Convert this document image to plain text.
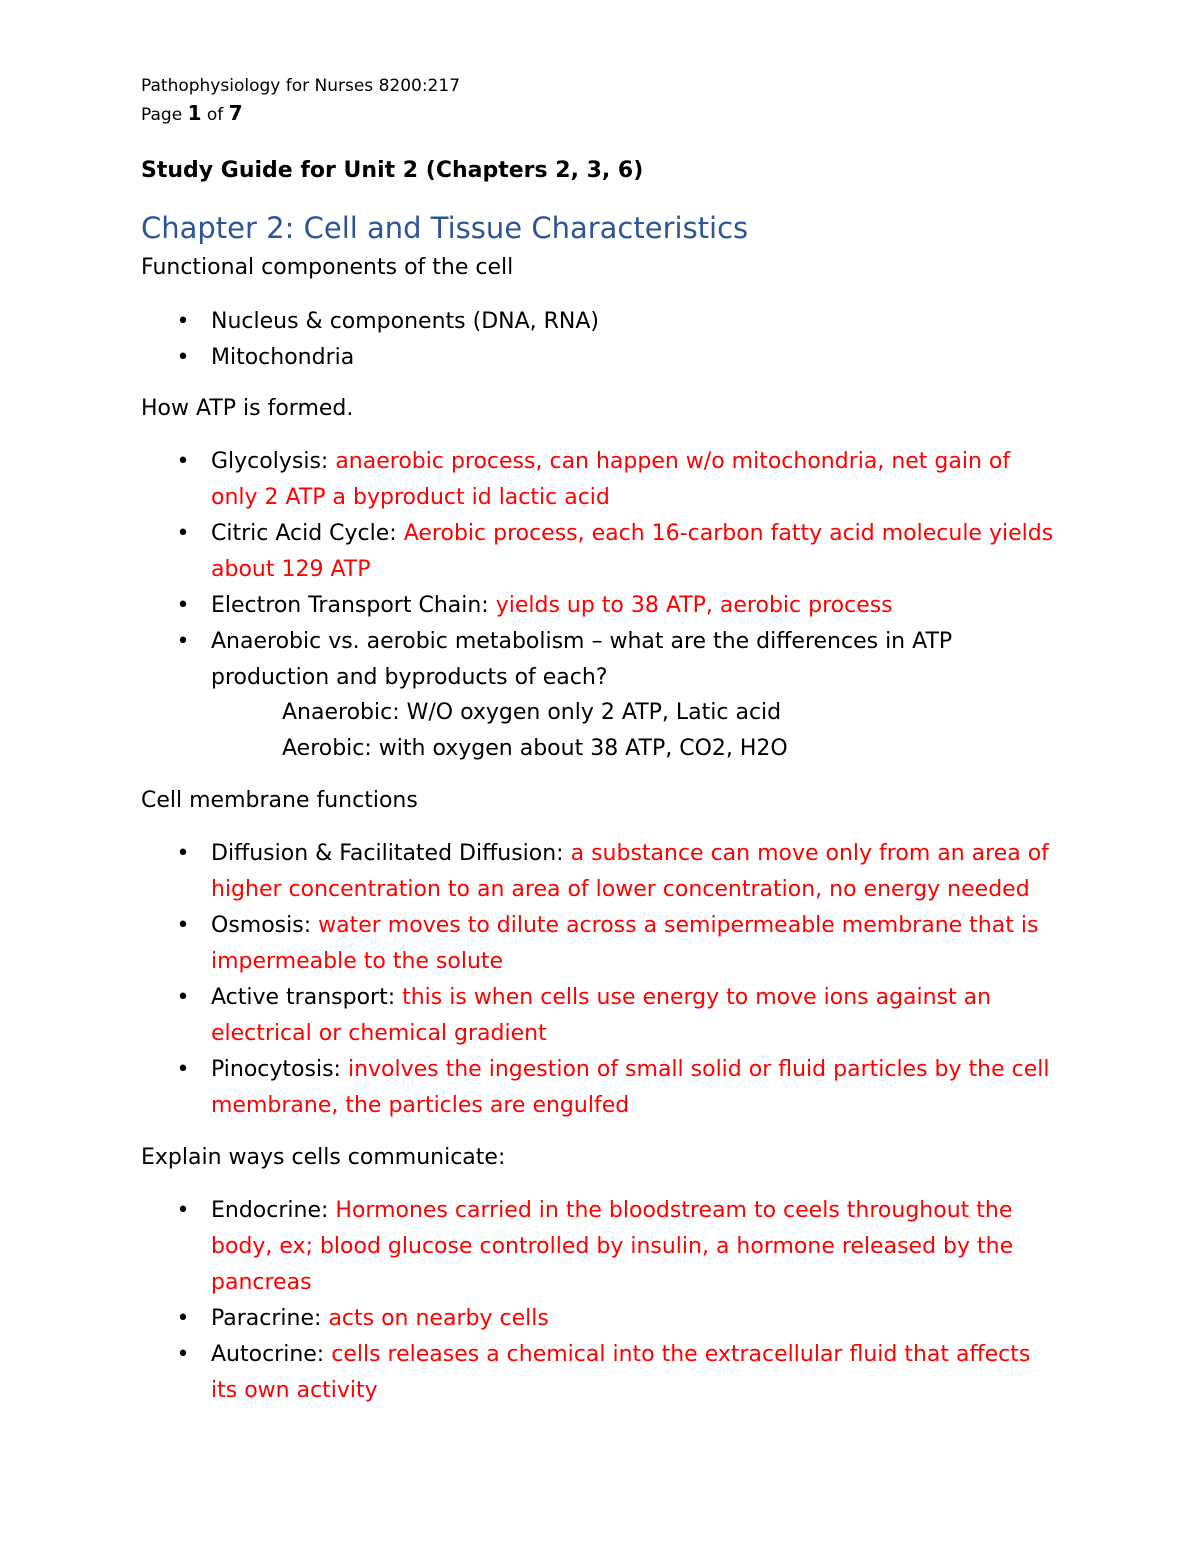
Pathophysiology for Nurses 8200:217
Page 1 of 7
Study Guide for Unit 2 (Chapters 2, 3, 6)
Chapter 2: Cell and Tissue Characteristics
Functional components of the cell
• Nucleus & components (DNA, RNA)
• Mitochondria
How ATP is formed.
• Glycolysis: anaerobic process, can happen w/o mitochondria, net gain of only 2 ATP a byproduct id lactic acid
• Citric Acid Cycle: Aerobic process, each 16-carbon fatty acid molecule yields about 129 ATP
• Electron Transport Chain: yields up to 38 ATP, aerobic process
• Anaerobic vs. aerobic metabolism – what are the differences in ATP production and byproducts of each?
Anaerobic: W/O oxygen only 2 ATP, Latic acid
Aerobic: with oxygen about 38 ATP, CO2, H2O
Cell membrane functions
• Diffusion & Facilitated Diffusion: a substance can move only from an area of higher concentration to an area of lower concentration, no energy needed
• Osmosis: water moves to dilute across a semipermeable membrane that is impermeable to the solute
• Active transport: this is when cells use energy to move ions against an electrical or chemical gradient
• Pinocytosis: involves the ingestion of small solid or fluid particles by the cell membrane, the particles are engulfed
Explain ways cells communicate:
• Endocrine: Hormones carried in the bloodstream to ceels throughout the body, ex; blood glucose controlled by insulin, a hormone released by the pancreas
• Paracrine: acts on nearby cells
• Autocrine: cells releases a chemical into the extracellular fluid that affects its own activity
